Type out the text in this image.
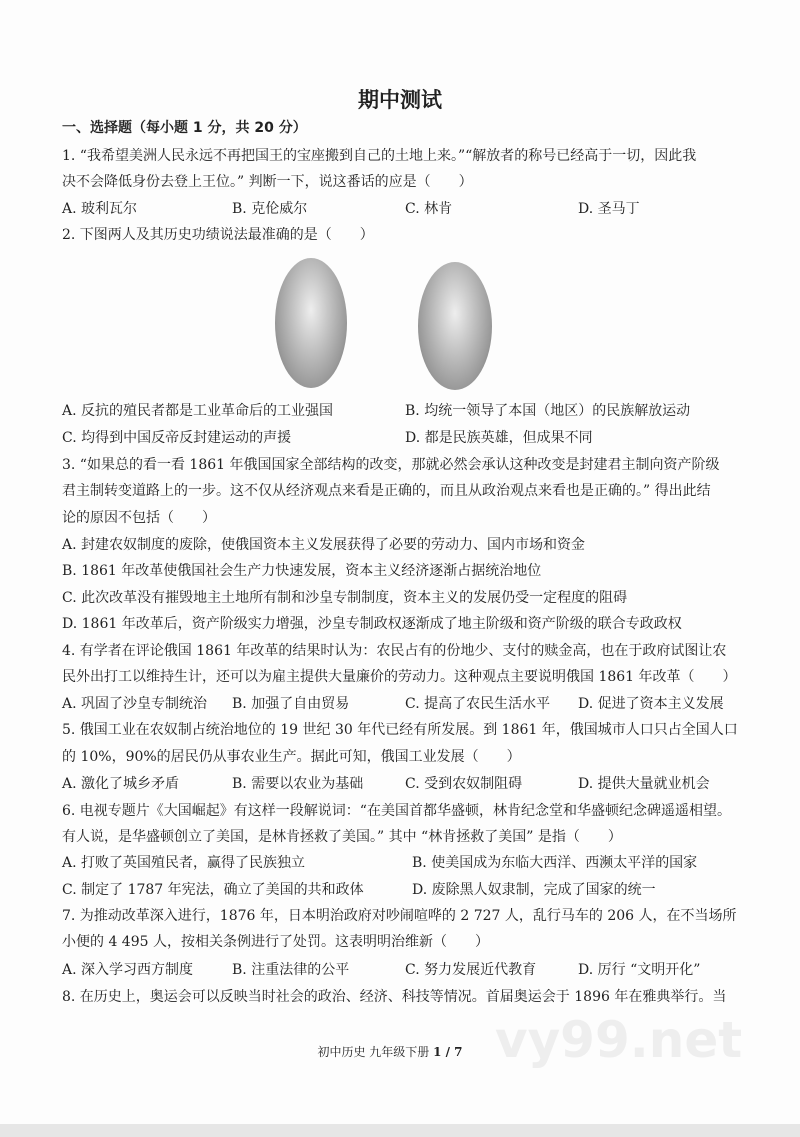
期中测试
一、选择题（每小题 1 分，共 20 分）
1. “我希望美洲人民永远不再把国王的宝座搬到自己的土地上来。”“解放者的称号已经高于一切，因此我
决不会降低身份去登上王位。” 判断一下，说这番话的应是（　　）
A. 玻利瓦尔	B. 克伦威尔	C. 林肯	D. 圣马丁
2. 下图两人及其历史功绩说法最准确的是（　　）
A. 反抗的殖民者都是工业革命后的工业强国	B. 均统一领导了本国（地区）的民族解放运动
C. 均得到中国反帝反封建运动的声援	D. 都是民族英雄，但成果不同
3. “如果总的看一看 1861 年俄国国家全部结构的改变，那就必然会承认这种改变是封建君主制向资产阶级
君主制转变道路上的一步。这不仅从经济观点来看是正确的，而且从政治观点来看也是正确的。” 得出此结
论的原因不包括（　　）
A. 封建农奴制度的废除，使俄国资本主义发展获得了必要的劳动力、国内市场和资金
B. 1861 年改革使俄国社会生产力快速发展，资本主义经济逐渐占据统治地位
C. 此次改革没有摧毁地主土地所有制和沙皇专制制度，资本主义的发展仍受一定程度的阻碍
D. 1861 年改革后，资产阶级实力增强，沙皇专制政权逐渐成了地主阶级和资产阶级的联合专政政权
4. 有学者在评论俄国 1861 年改革的结果时认为：农民占有的份地少、支付的赎金高，也在于政府试图让农
民外出打工以维持生计，还可以为雇主提供大量廉价的劳动力。这种观点主要说明俄国 1861 年改革（　　）
A. 巩固了沙皇专制统治 B. 加强了自由贸易	C. 提高了农民生活水平 D. 促进了资本主义发展
5. 俄国工业在农奴制占统治地位的 19 世纪 30 年代已经有所发展。到 1861 年，俄国城市人口只占全国人口
的 10%，90%的居民仍从事农业生产。据此可知，俄国工业发展（　　）
A. 激化了城乡矛盾	B. 需要以农业为基础	C. 受到农奴制阻碍	D. 提供大量就业机会
6. 电视专题片《大国崛起》有这样一段解说词：“在美国首都华盛顿，林肯纪念堂和华盛顿纪念碑遥遥相望。
有人说，是华盛顿创立了美国，是林肯拯救了美国。” 其中 “林肯拯救了美国” 是指（　　）
A. 打败了英国殖民者，赢得了民族独立	B. 使美国成为东临大西洋、西濒太平洋的国家
C. 制定了 1787 年宪法，确立了美国的共和政体	D. 废除黑人奴隶制，完成了国家的统一
7. 为推动改革深入进行，1876 年，日本明治政府对吵闹喧哗的 2 727 人，乱行马车的 206 人，在不当场所
小便的 4 495 人，按相关条例进行了处罚。这表明明治维新（　　）
A. 深入学习西方制度	B. 注重法律的公平	C. 努力发展近代教育	D. 厉行 “文明开化”
8. 在历史上，奥运会可以反映当时社会的政治、经济、科技等情况。首届奥运会于 1896 年在雅典举行。当
vy99.net
初中历史 九年级下册 1 / 7
